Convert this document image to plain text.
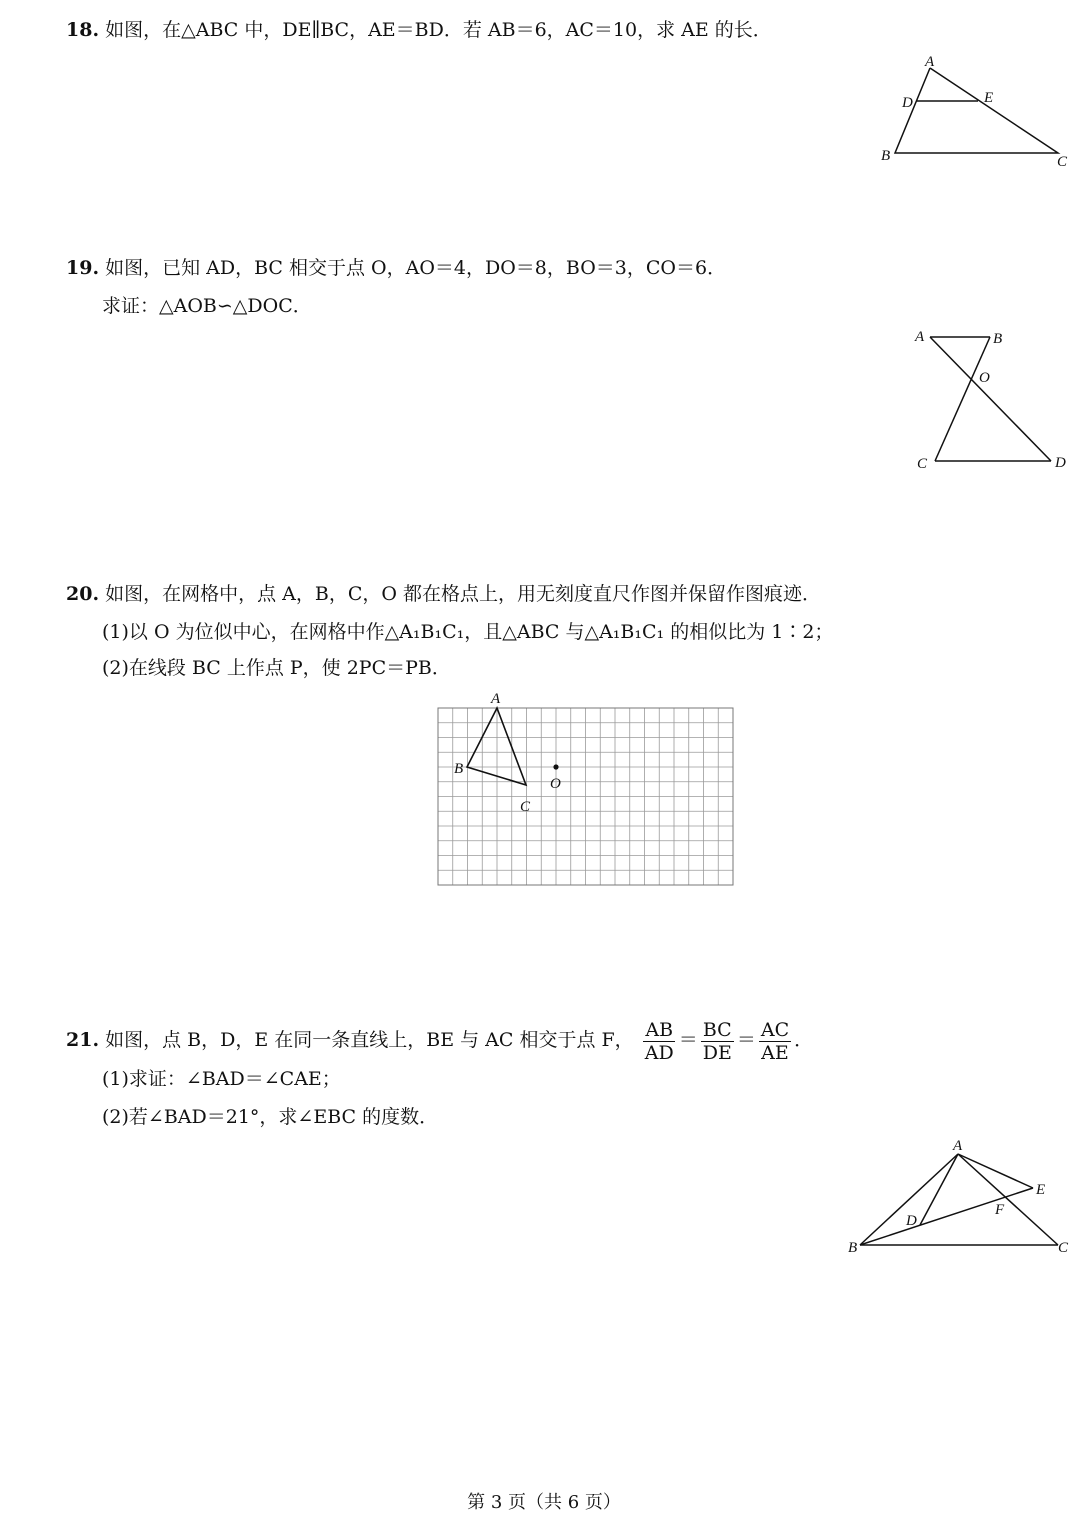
18. 如图，在△ABC 中，DE∥BC，AE＝BD．若 AB＝6，AC＝10，求 AE 的长．
A
D	E
B	C
19. 如图，已知 AD，BC 相交于点 O，AO＝4，DO＝8，BO＝3，CO＝6．
求证：△AOB∽△DOC．
A	B
O
C	D
20. 如图，在网格中，点 A，B，C，O 都在格点上，用无刻度直尺作图并保留作图痕迹．
(1)以 O 为位似中心，在网格中作△A₁B₁C₁，且△ABC 与△A₁B₁C₁ 的相似比为 1∶2；
(2)在线段 BC 上作点 P，使 2PC＝PB．
A
B
C
O
21. 如图，点 B，D，E 在同一条直线上，BE 与 AC 相交于点 F， $\frac{AB}{AD} = \frac{BC}{DE} = \frac{AC}{AE}$ ．
(1)求证：∠BAD＝∠CAE；
(2)若∠BAD＝21°，求∠EBC 的度数．
A
E
F
D
B	C
第 3 页（共 6 页）
